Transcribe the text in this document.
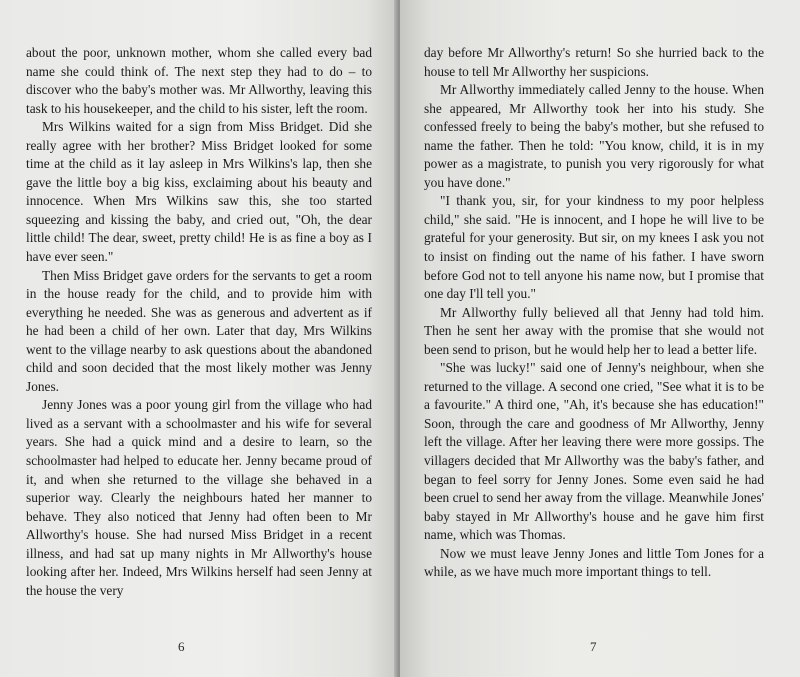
about the poor, unknown mother, whom she called every bad name she could think of. The next step they had to do – to discover who the baby's mother was. Mr Allworthy, leaving this task to his housekeeper, and the child to his sister, left the room.

Mrs Wilkins waited for a sign from Miss Bridget. Did she really agree with her brother? Miss Bridget looked for some time at the child as it lay asleep in Mrs Wilkins's lap, then she gave the little boy a big kiss, exclaiming about his beauty and innocence. When Mrs Wilkins saw this, she too started squeezing and kissing the baby, and cried out, "Oh, the dear little child! The dear, sweet, pretty child! He is as fine a boy as I have ever seen."

Then Miss Bridget gave orders for the servants to get a room in the house ready for the child, and to provide him with everything he needed. She was as generous and advertent as if he had been a child of her own. Later that day, Mrs Wilkins went to the village nearby to ask questions about the abandoned child and soon decided that the most likely mother was Jenny Jones.

Jenny Jones was a poor young girl from the village who had lived as a servant with a schoolmaster and his wife for several years. She had a quick mind and a desire to learn, so the schoolmaster had helped to educate her. Jenny became proud of it, and when she returned to the village she behaved in a superior way. Clearly the neighbours hated her manner to behave. They also noticed that Jenny had often been to Mr Allworthy's house. She had nursed Miss Bridget in a recent illness, and had sat up many nights in Mr Allworthy's house looking after her. Indeed, Mrs Wilkins herself had seen Jenny at the house the very

6

day before Mr Allworthy's return! So she hurried back to the house to tell Mr Allworthy her suspicions.

Mr Allworthy immediately called Jenny to the house. When she appeared, Mr Allworthy took her into his study. She confessed freely to being the baby's mother, but she refused to name the father. Then he told: "You know, child, it is in my power as a magistrate, to punish you very rigorously for what you have done."

"I thank you, sir, for your kindness to my poor helpless child," she said. "He is innocent, and I hope he will live to be grateful for your generosity. But sir, on my knees I ask you not to insist on finding out the name of his father. I have sworn before God not to tell anyone his name now, but I promise that one day I'll tell you."

Mr Allworthy fully believed all that Jenny had told him. Then he sent her away with the promise that she would not been send to prison, but he would help her to lead a better life.

"She was lucky!" said one of Jenny's neighbour, when she returned to the village. A second one cried, "See what it is to be a favourite." A third one, "Ah, it's because she has education!" Soon, through the care and goodness of Mr Allworthy, Jenny left the village. After her leaving there were more gossips. The villagers decided that Mr Allworthy was the baby's father, and began to feel sorry for Jenny Jones. Some even said he had been cruel to send her away from the village. Meanwhile Jones' baby stayed in Mr Allworthy's house and he gave him first name, which was Thomas.

Now we must leave Jenny Jones and little Tom Jones for a while, as we have much more important things to tell.

7
